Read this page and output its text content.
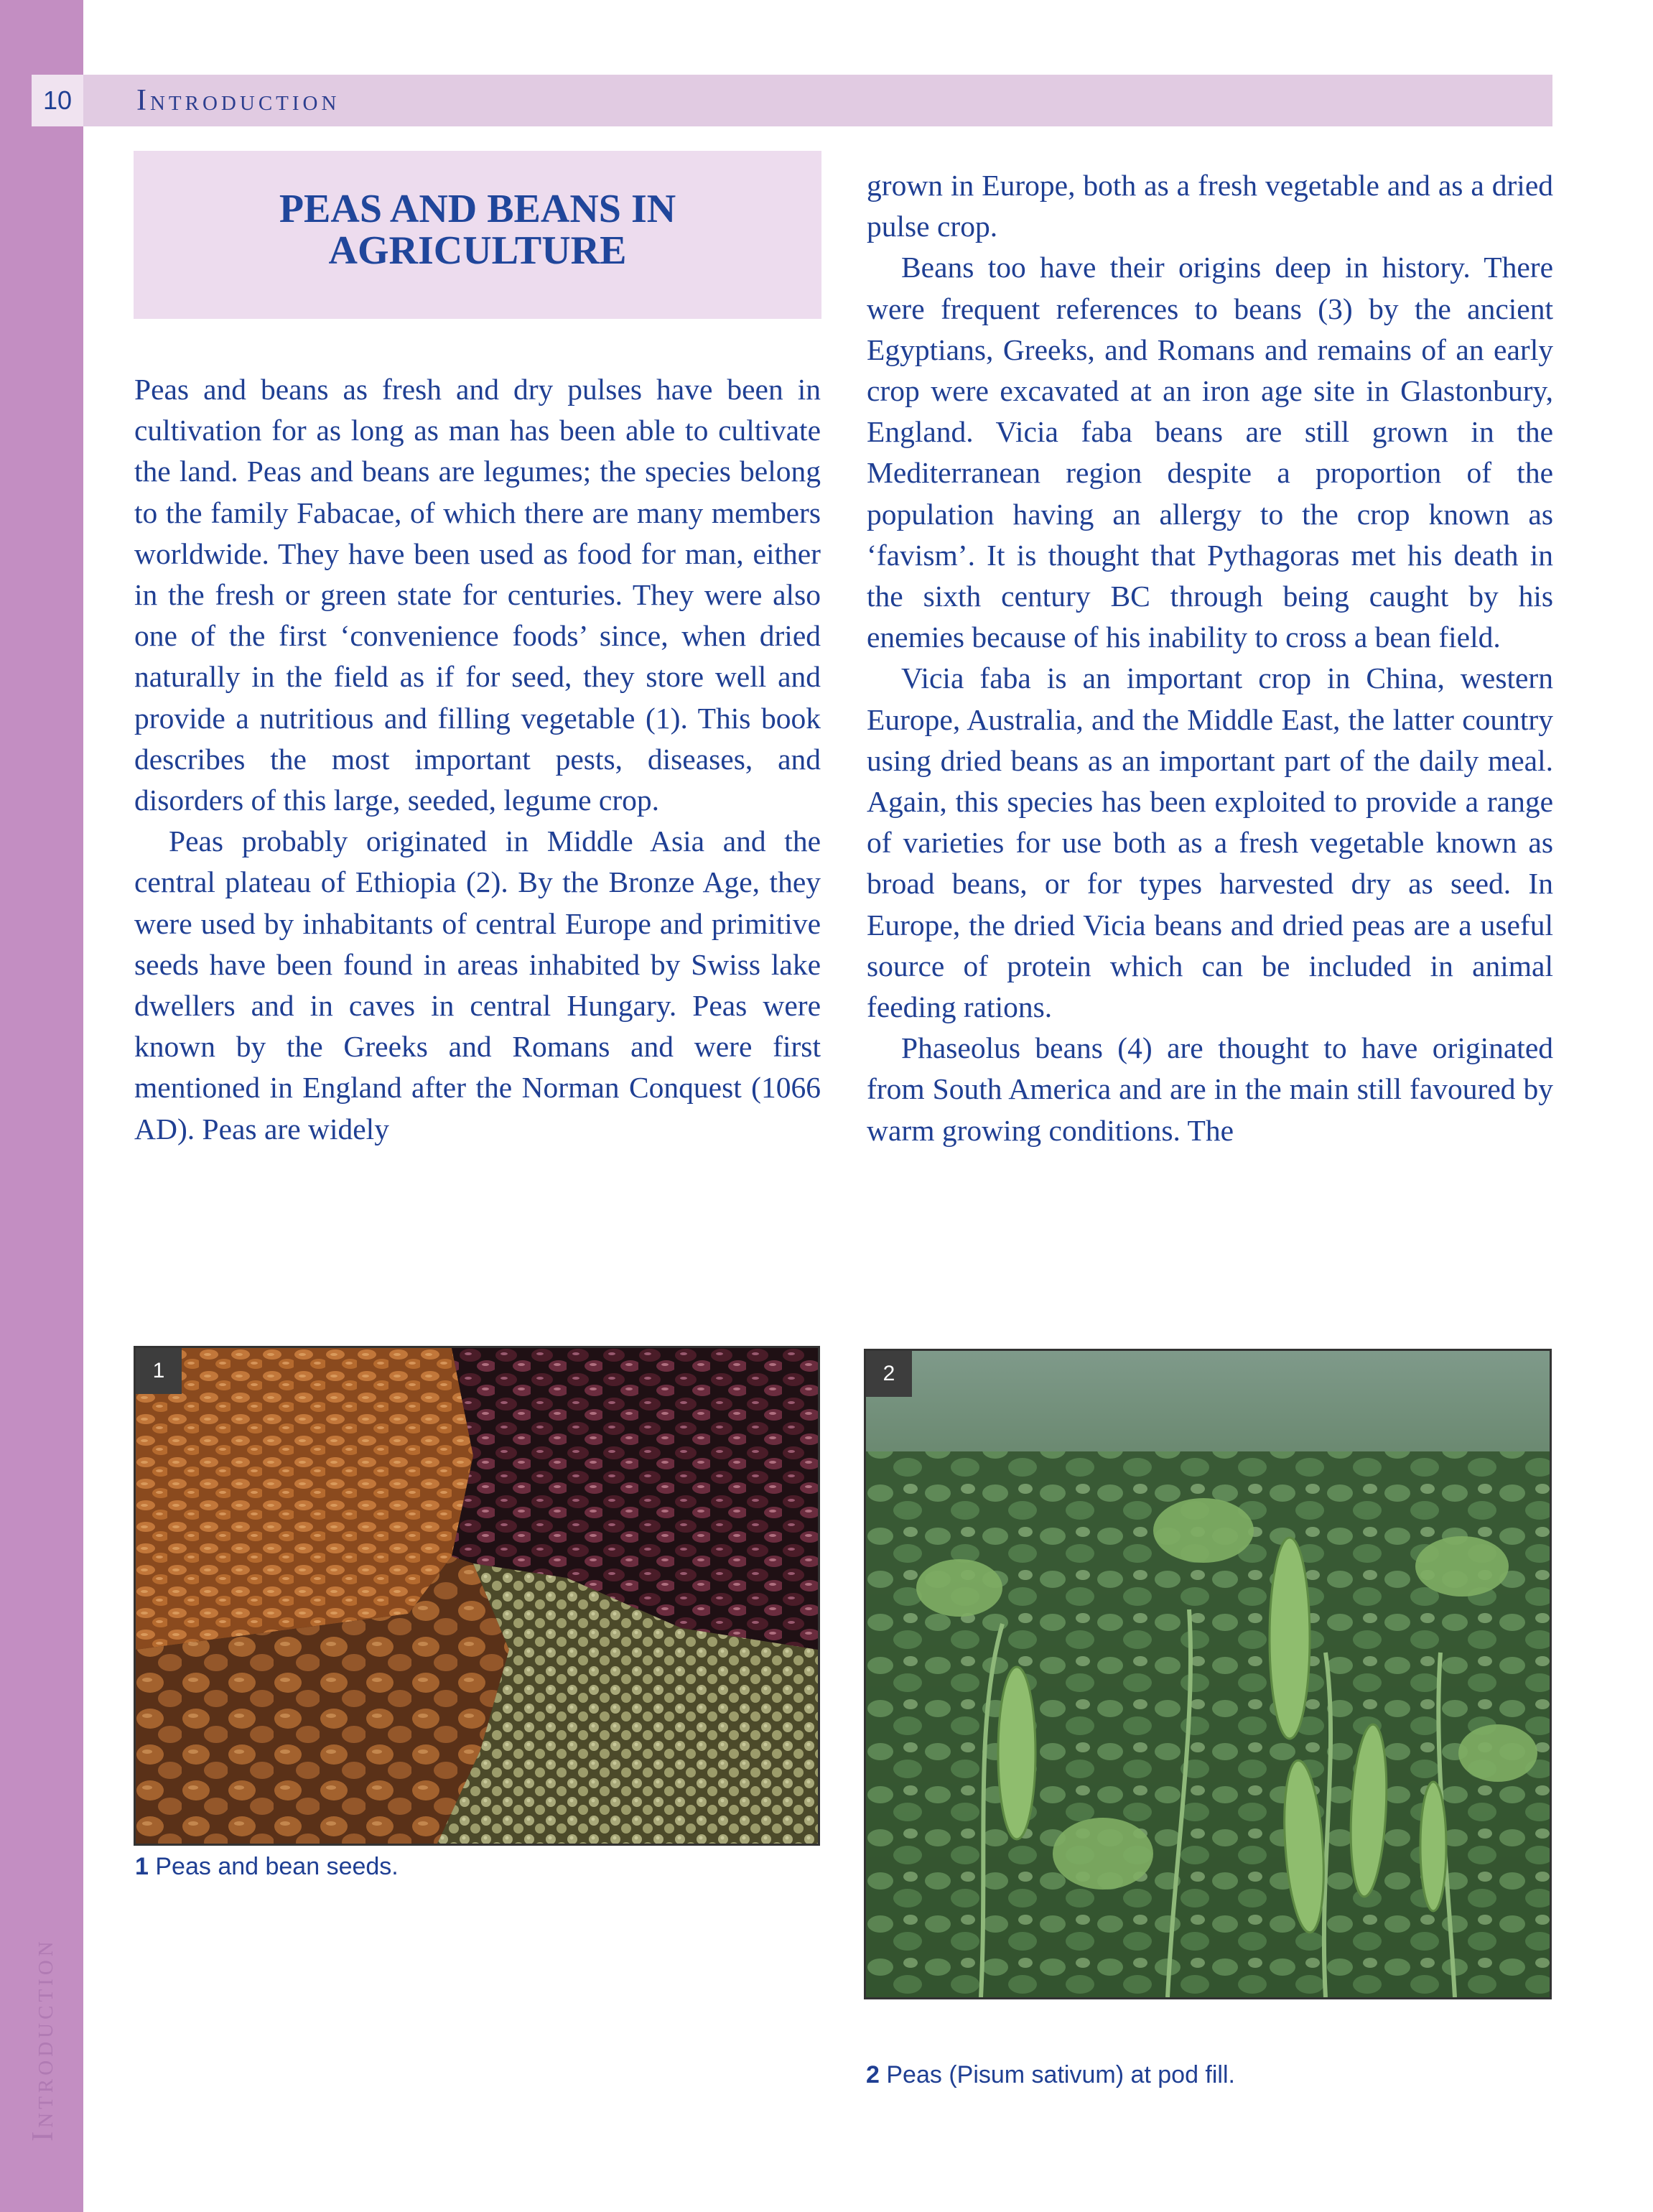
Introduction
10	Introduction
PEAS AND BEANS IN AGRICULTURE

Peas and beans as fresh and dry pulses have been in cultivation for as long as man has been able to cultivate the land. Peas and beans are legumes; the species belong to the family Fabacae, of which there are many members worldwide. They have been used as food for man, either in the fresh or green state for centuries. They were also one of the first ‘convenience foods’ since, when dried naturally in the field as if for seed, they store well and provide a nutritious and filling vegetable (1). This book describes the most important pests, diseases, and disorders of this large, seeded, legume crop.

Peas probably originated in Middle Asia and the central plateau of Ethiopia (2). By the Bronze Age, they were used by inhabitants of central Europe and primitive seeds have been found in areas inhabited by Swiss lake dwellers and in caves in central Hungary. Peas were known by the Greeks and Romans and were first mentioned in England after the Norman Conquest (1066 AD). Peas are widely

grown in Europe, both as a fresh vegetable and as a dried pulse crop.

Beans too have their origins deep in history. There were frequent references to beans (3) by the ancient Egyptians, Greeks, and Romans and remains of an early crop were excavated at an iron age site in Glastonbury, England. Vicia faba beans are still grown in the Mediterranean region despite a proportion of the population having an allergy to the crop known as ‘favism’. It is thought that Pythagoras met his death in the sixth century BC through being caught by his enemies because of his inability to cross a bean field.

Vicia faba is an important crop in China, western Europe, Australia, and the Middle East, the latter country using dried beans as an important part of the daily meal. Again, this species has been exploited to provide a range of varieties for use both as a fresh vegetable known as broad beans, or for types harvested dry as seed. In Europe, the dried Vicia beans and dried peas are a useful source of protein which can be included in animal feeding rations.

Phaseolus beans (4) are thought to have originated from South America and are in the main still favoured by warm growing conditions. The

1
1 Peas and bean seeds.
2
2 Peas (Pisum sativum) at pod fill.
